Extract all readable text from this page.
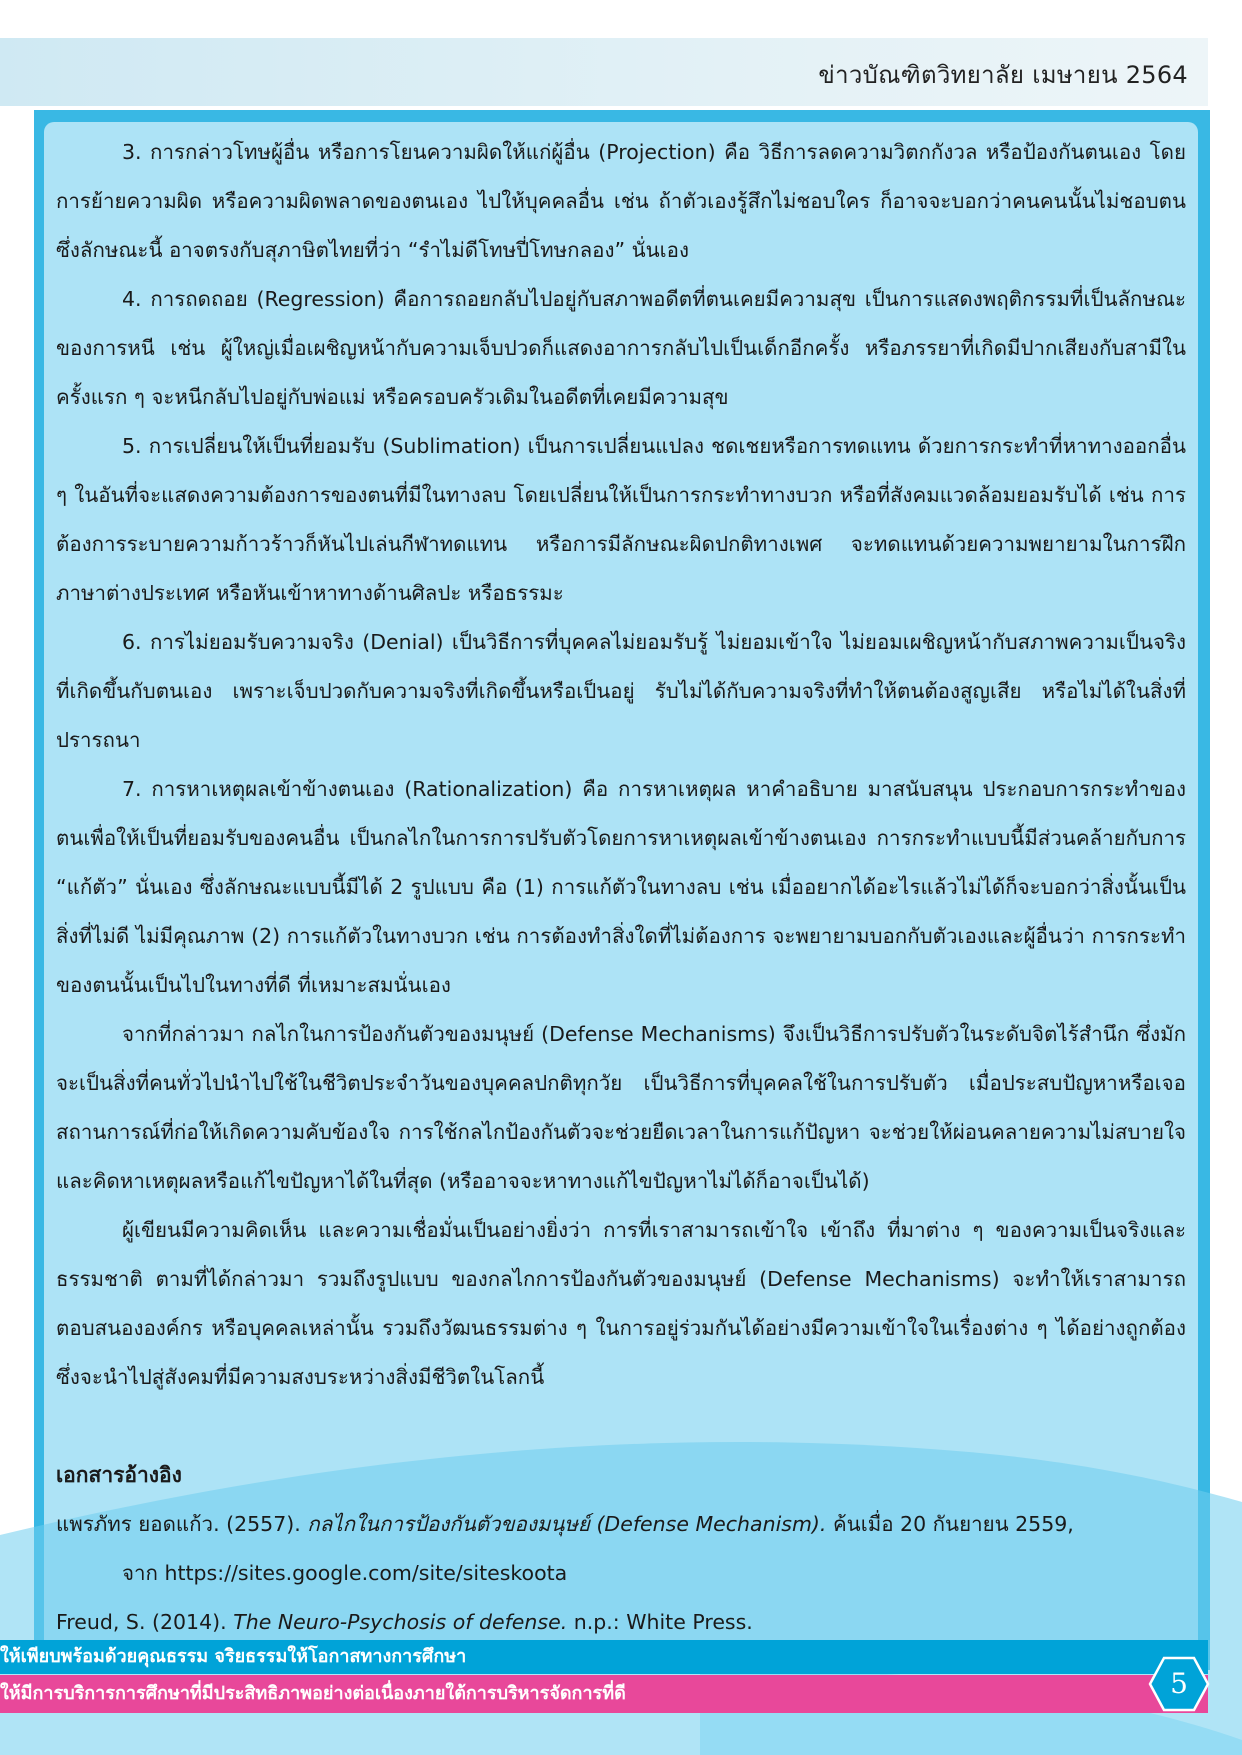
ข่าวบัณฑิตวิทยาลัย เมษายน 2564

3. การกล่าวโทษผู้อื่น หรือการโยนความผิดให้แก่ผู้อื่น (Projection) คือ วิธีการลดความวิตกกังวล หรือป้องกันตนเอง โดยการย้ายความผิด หรือความผิดพลาดของตนเอง ไปให้บุคคลอื่น เช่น ถ้าตัวเองรู้สึกไม่ชอบใคร ก็อาจจะบอกว่าคนคนนั้นไม่ชอบตน ซึ่งลักษณะนี้ อาจตรงกับสุภาษิตไทยที่ว่า “รำไม่ดีโทษปี่โทษกลอง” นั่นเอง

4. การถดถอย (Regression) คือการถอยกลับไปอยู่กับสภาพอดีตที่ตนเคยมีความสุข เป็นการแสดงพฤติกรรมที่เป็นลักษณะของการหนี เช่น ผู้ใหญ่เมื่อเผชิญหน้ากับความเจ็บปวดก็แสดงอาการกลับไปเป็นเด็กอีกครั้ง หรือภรรยาที่เกิดมีปากเสียงกับสามีในครั้งแรก ๆ จะหนีกลับไปอยู่กับพ่อแม่ หรือครอบครัวเดิมในอดีตที่เคยมีความสุข

5. การเปลี่ยนให้เป็นที่ยอมรับ (Sublimation) เป็นการเปลี่ยนแปลง ชดเชยหรือการทดแทน ด้วยการกระทำที่หาทางออกอื่น ๆ ในอันที่จะแสดงความต้องการของตนที่มีในทางลบ โดยเปลี่ยนให้เป็นการกระทำทางบวก หรือที่สังคมแวดล้อมยอมรับได้ เช่น การต้องการระบายความก้าวร้าวก็หันไปเล่นกีฬาทดแทน หรือการมีลักษณะผิดปกติทางเพศ จะทดแทนด้วยความพยายามในการฝึกภาษาต่างประเทศ หรือหันเข้าหาทางด้านศิลปะ หรือธรรมะ

6. การไม่ยอมรับความจริง (Denial) เป็นวิธีการที่บุคคลไม่ยอมรับรู้ ไม่ยอมเข้าใจ ไม่ยอมเผชิญหน้ากับสภาพความเป็นจริงที่เกิดขึ้นกับตนเอง เพราะเจ็บปวดกับความจริงที่เกิดขึ้นหรือเป็นอยู่ รับไม่ได้กับความจริงที่ทำให้ตนต้องสูญเสีย หรือไม่ได้ในสิ่งที่ปรารถนา

7. การหาเหตุผลเข้าข้างตนเอง (Rationalization) คือ การหาเหตุผล หาคำอธิบาย มาสนับสนุน ประกอบการกระทำของตนเพื่อให้เป็นที่ยอมรับของคนอื่น เป็นกลไกในการการปรับตัวโดยการหาเหตุผลเข้าข้างตนเอง การกระทำแบบนี้มีส่วนคล้ายกับการ “แก้ตัว” นั่นเอง ซึ่งลักษณะแบบนี้มีได้ 2 รูปแบบ คือ (1) การแก้ตัวในทางลบ เช่น เมื่ออยากได้อะไรแล้วไม่ได้ก็จะบอกว่าสิ่งนั้นเป็นสิ่งที่ไม่ดี ไม่มีคุณภาพ (2) การแก้ตัวในทางบวก เช่น การต้องทำสิ่งใดที่ไม่ต้องการ จะพยายามบอกกับตัวเองและผู้อื่นว่า การกระทำของตนนั้นเป็นไปในทางที่ดี ที่เหมาะสมนั่นเอง

จากที่กล่าวมา กลไกในการป้องกันตัวของมนุษย์ (Defense Mechanisms) จึงเป็นวิธีการปรับตัวในระดับจิตไร้สำนึก ซึ่งมักจะเป็นสิ่งที่คนทั่วไปนำไปใช้ในชีวิตประจำวันของบุคคลปกติทุกวัย เป็นวิธีการที่บุคคลใช้ในการปรับตัว เมื่อประสบปัญหาหรือเจอสถานการณ์ที่ก่อให้เกิดความคับข้องใจ การใช้กลไกป้องกันตัวจะช่วยยืดเวลาในการแก้ปัญหา จะช่วยให้ผ่อนคลายความไม่สบายใจ และคิดหาเหตุผลหรือแก้ไขปัญหาได้ในที่สุด (หรืออาจจะหาทางแก้ไขปัญหาไม่ได้ก็อาจเป็นได้)

ผู้เขียนมีความคิดเห็น และความเชื่อมั่นเป็นอย่างยิ่งว่า การที่เราสามารถเข้าใจ เข้าถึง ที่มาต่าง ๆ ของความเป็นจริงและธรรมชาติ ตามที่ได้กล่าวมา รวมถึงรูปแบบ ของกลไกการป้องกันตัวของมนุษย์ (Defense Mechanisms) จะทำให้เราสามารถตอบสนององค์กร หรือบุคคลเหล่านั้น รวมถึงวัฒนธรรมต่าง ๆ ในการอยู่ร่วมกันได้อย่างมีความเข้าใจในเรื่องต่าง ๆ ได้อย่างถูกต้อง ซึ่งจะนำไปสู่สังคมที่มีความสงบระหว่างสิ่งมีชีวิตในโลกนี้

เอกสารอ้างอิง
แพรภัทร ยอดแก้ว. (2557). กลไกในการป้องกันตัวของมนุษย์ (Defense Mechanism). ค้นเมื่อ 20 กันยายน 2559,
จาก https://sites.google.com/site/siteskoota
Freud, S. (2014). The Neuro-Psychosis of defense. n.p.: White Press.
ให้เพียบพร้อมด้วยคุณธรรม จริยธรรมให้โอกาสทางการศึกษา
ให้มีการบริการการศึกษาที่มีประสิทธิภาพอย่างต่อเนื่องภายใต้การบริหารจัดการที่ดี	5
